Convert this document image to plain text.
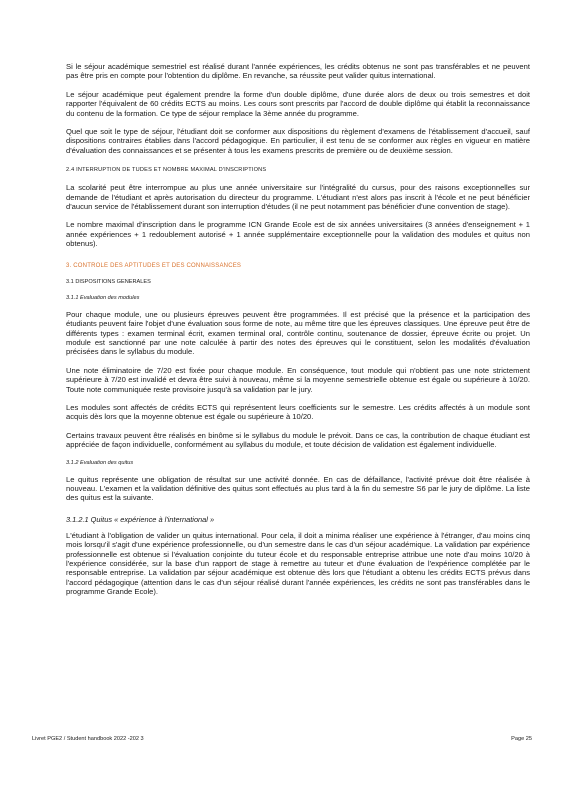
Si le séjour académique semestriel est réalisé durant l'année expériences, les crédits obtenus ne sont pas transférables et ne peuvent pas être pris en compte pour l'obtention du diplôme. En revanche, sa réussite peut valider quitus international.

Le séjour académique peut également prendre la forme d'un double diplôme, d'une durée alors de deux ou trois semestres et doit rapporter l'équivalent de 60 crédits ECTS au moins. Les cours sont prescrits par l'accord de double diplôme qui établit la reconnaissance du contenu de la formation. Ce type de séjour remplace la 3ème année du programme.

Quel que soit le type de séjour, l'étudiant doit se conformer aux dispositions du règlement d'examens de l'établissement d'accueil, sauf dispositions contraires établies dans l'accord pédagogique. En particulier, il est tenu de se conformer aux règles en vigueur en matière d'évaluation des connaissances et se présenter à tous les examens prescrits de première ou de deuxième session.

2.4 INTERRUPTION DE TUDES ET NOMBRE MAXIMAL D'INSCRIPTIONS

La scolarité peut être interrompue au plus une année universitaire sur l'intégralité du cursus, pour des raisons exceptionnelles sur demande de l'étudiant et après autorisation du directeur du programme. L'étudiant n'est alors pas inscrit à l'école et ne peut bénéficier d'aucun service de l'établissement durant son interruption d'études (il ne peut notamment pas bénéficier d'une convention de stage).

Le nombre maximal d'inscription dans le programme ICN Grande Ecole est de six années universitaires (3 années d'enseignement + 1 année expériences + 1 redoublement autorisé + 1 année supplémentaire exceptionnelle pour la validation des modules et quitus non obtenus).

3. CONTROLE DES APTITUDES ET DES CONNAISSANCES
3.1 DISPOSITIONS GENERALES
3.1.1 Evaluation des modules

Pour chaque module, une ou plusieurs épreuves peuvent être programmées. Il est précisé que la présence et la participation des étudiants peuvent faire l'objet d'une évaluation sous forme de note, au même titre que les épreuves classiques. Une épreuve peut être de différents types : examen terminal écrit, examen terminal oral, contrôle continu, soutenance de dossier, épreuve écrite ou projet. Un module est sanctionné par une note calculée à partir des notes des épreuves qui le constituent, selon les modalités d'évaluation précisées dans le syllabus du module.

Une note éliminatoire de 7/20 est fixée pour chaque module. En conséquence, tout module qui n'obtient pas une note strictement supérieure à 7/20 est invalidé et devra être suivi à nouveau, même si la moyenne semestrielle obtenue est égale ou supérieure à 10/20. Toute note communiquée reste provisoire jusqu'à sa validation par le jury.

Les modules sont affectés de crédits ECTS qui représentent leurs coefficients sur le semestre. Les crédits affectés à un module sont acquis dès lors que la moyenne obtenue est égale ou supérieure à 10/20.

Certains travaux peuvent être réalisés en binôme si le syllabus du module le prévoit. Dans ce cas, la contribution de chaque étudiant est appréciée de façon individuelle, conformément au syllabus du module, et toute décision de validation est également individuelle.

3.1.2 Evaluation des quitus

Le quitus représente une obligation de résultat sur une activité donnée. En cas de défaillance, l'activité prévue doit être réalisée à nouveau. L'examen et la validation définitive des quitus sont effectués au plus tard à la fin du semestre S6 par le jury de diplôme. La liste des quitus est la suivante.

3.1.2.1 Quitus « expérience à l'international »

L'étudiant à l'obligation de valider un quitus international. Pour cela, il doit a minima réaliser une expérience à l'étranger, d'au moins cinq mois lorsqu'il s'agit d'une expérience professionnelle, ou d'un semestre dans le cas d'un séjour académique. La validation par expérience professionnelle est obtenue si l'évaluation conjointe du tuteur école et du responsable entreprise attribue une note d'au moins 10/20 à l'expérience considérée, sur la base d'un rapport de stage à remettre au tuteur et d'une évaluation de l'expérience complétée par le responsable entreprise. La validation par séjour académique est obtenue dès lors que l'étudiant a obtenu les crédits ECTS prévus dans l'accord pédagogique (attention dans le cas d'un séjour réalisé durant l'année expériences, les crédits ne sont pas transférables dans le programme Grande Ecole).

Livret PGE2 / Student handbook 2022 -202 3	Page 25
